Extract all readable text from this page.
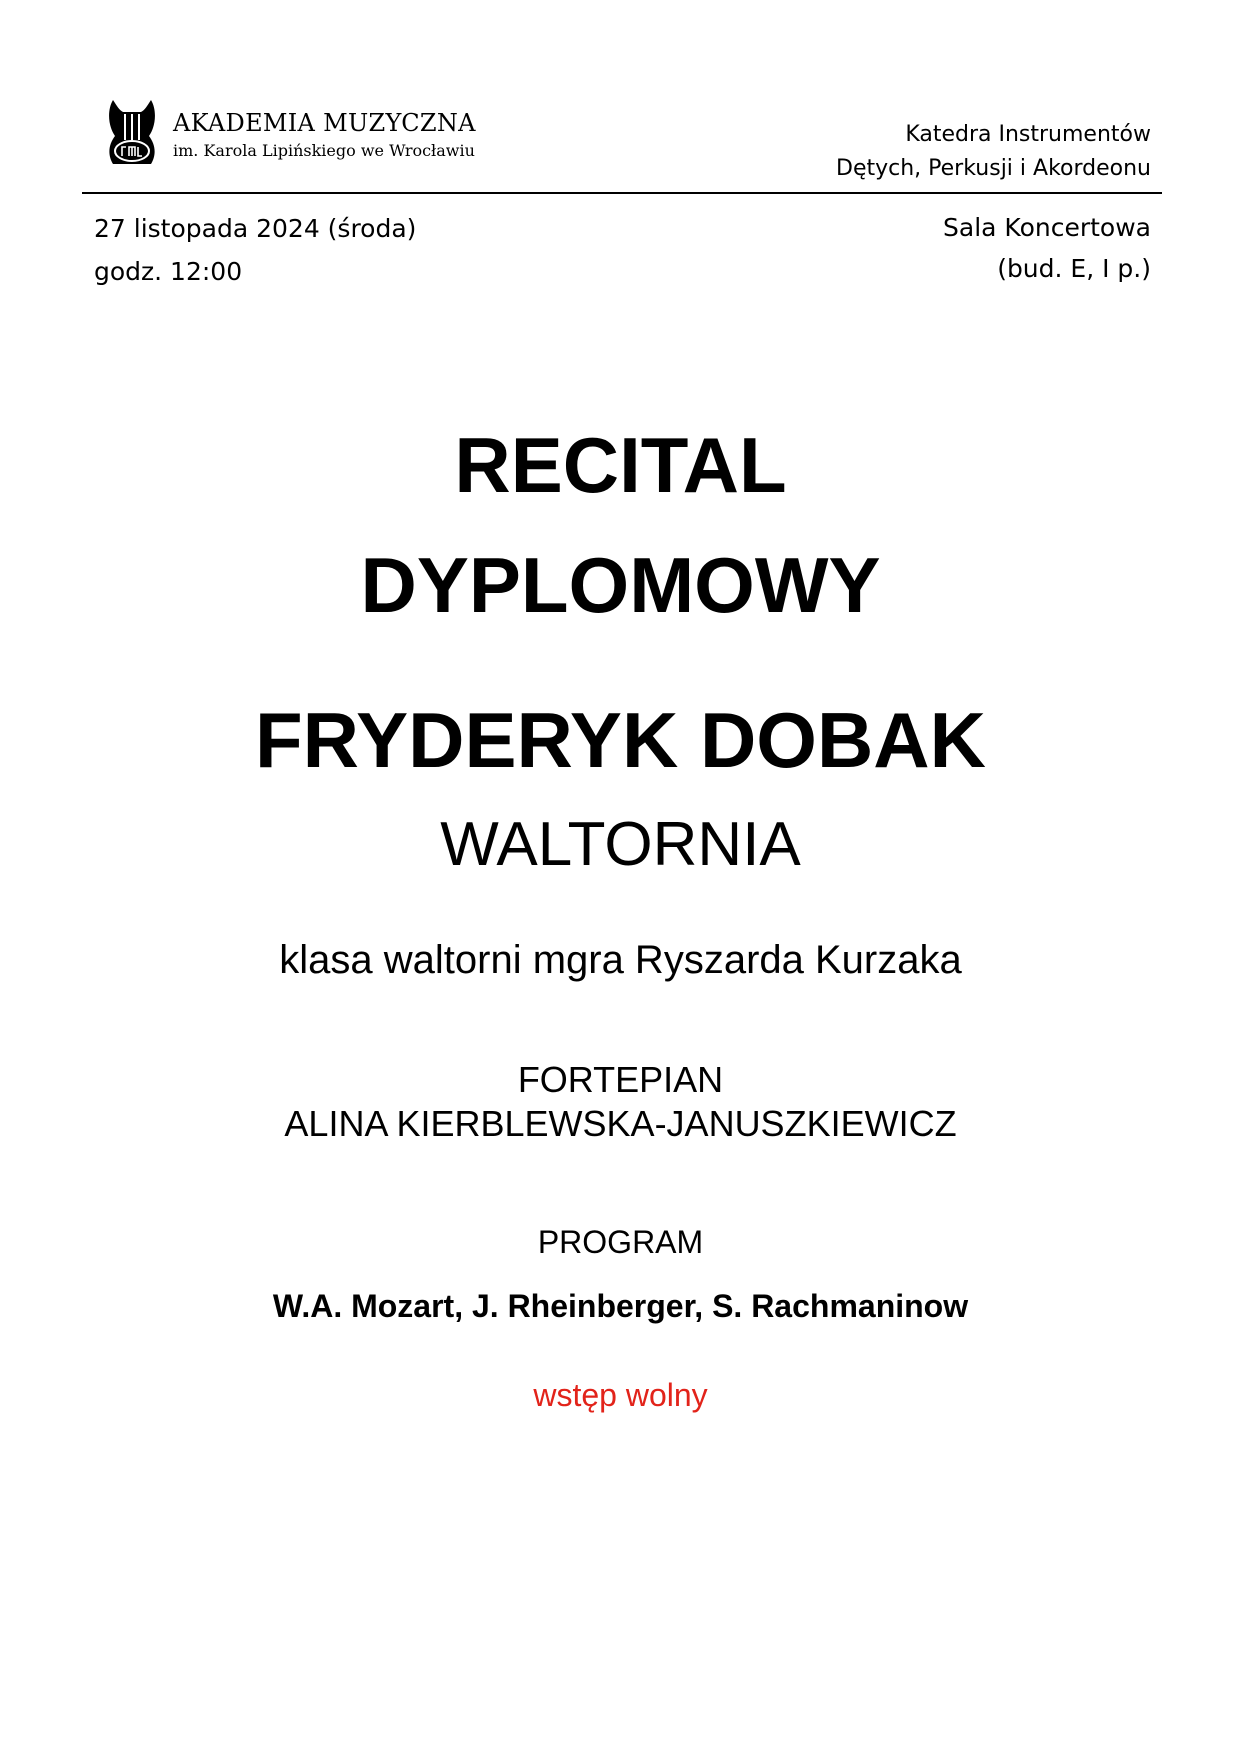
AKADEMIA MUZYCZNA
im. Karola Lipińskiego we Wrocławiu
Katedra Instrumentów
Dętych, Perkusji i Akordeonu
27 listopada 2024 (środa)
godz. 12:00
Sala Koncertowa
(bud. E, I p.)
RECITAL
DYPLOMOWY
FRYDERYK DOBAK
WALTORNIA
klasa waltorni mgra Ryszarda Kurzaka
FORTEPIAN
ALINA KIERBLEWSKA-JANUSZKIEWICZ
PROGRAM
W.A. Mozart, J. Rheinberger, S. Rachmaninow
wstęp wolny
